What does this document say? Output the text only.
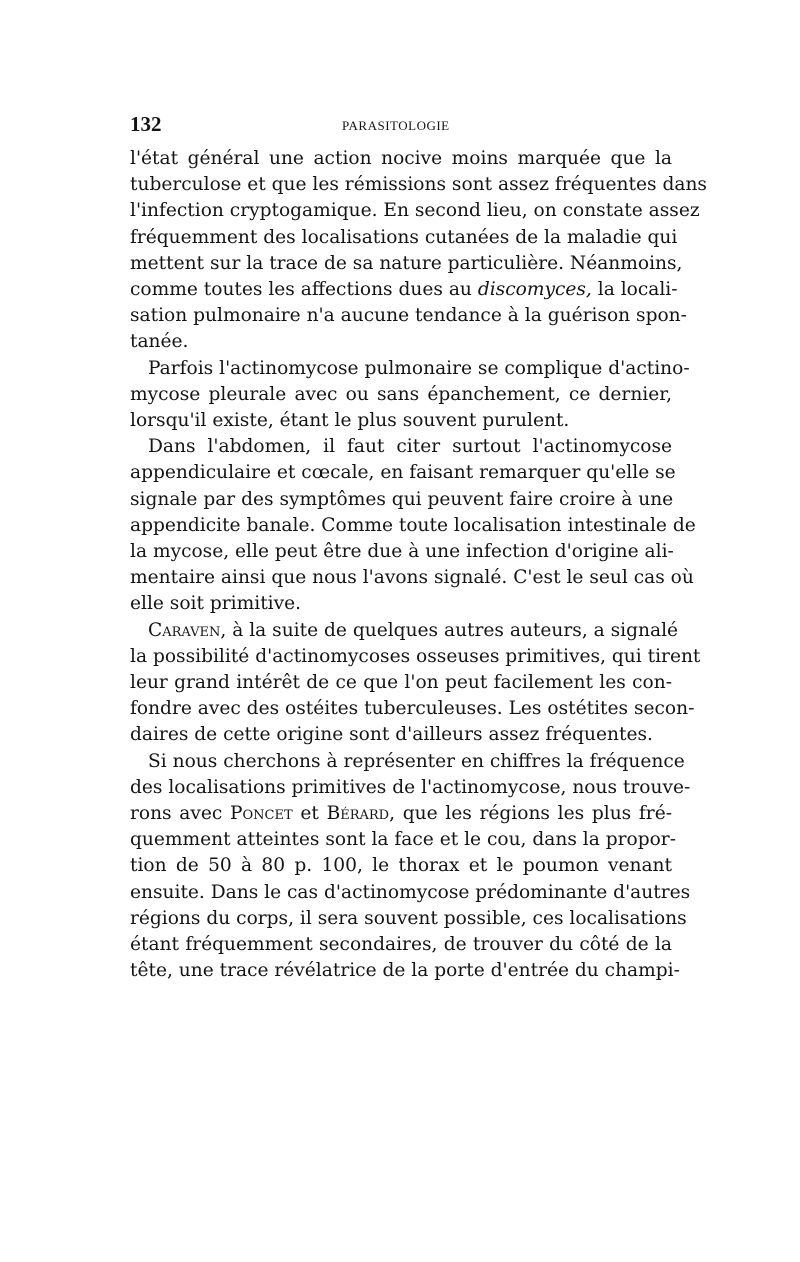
132	PARASITOLOGIE
l'état général une action nocive moins marquée que la
tuberculose et que les rémissions sont assez fréquentes dans
l'infection cryptogamique. En second lieu, on constate assez
fréquemment des localisations cutanées de la maladie qui
mettent sur la trace de sa nature particulière. Néanmoins,
comme toutes les affections dues au discomyces, la locali-
sation pulmonaire n'a aucune tendance à la guérison spon-
tanée.
Parfois l'actinomycose pulmonaire se complique d'actino-
mycose pleurale avec ou sans épanchement, ce dernier,
lorsqu'il existe, étant le plus souvent purulent.
Dans l'abdomen, il faut citer surtout l'actinomycose
appendiculaire et cœcale, en faisant remarquer qu'elle se
signale par des symptômes qui peuvent faire croire à une
appendicite banale. Comme toute localisation intestinale de
la mycose, elle peut être due à une infection d'origine ali-
mentaire ainsi que nous l'avons signalé. C'est le seul cas où
elle soit primitive.
Caraven, à la suite de quelques autres auteurs, a signalé
la possibilité d'actinomycoses osseuses primitives, qui tirent
leur grand intérêt de ce que l'on peut facilement les con-
fondre avec des ostéites tuberculeuses. Les ostétites secon-
daires de cette origine sont d'ailleurs assez fréquentes.
Si nous cherchons à représenter en chiffres la fréquence
des localisations primitives de l'actinomycose, nous trouve-
rons avec Poncet et Bérard, que les régions les plus fré-
quemment atteintes sont la face et le cou, dans la propor-
tion de 50 à 80 p. 100, le thorax et le poumon venant
ensuite. Dans le cas d'actinomycose prédominante d'autres
régions du corps, il sera souvent possible, ces localisations
étant fréquemment secondaires, de trouver du côté de la
tête, une trace révélatrice de la porte d'entrée du champi-
